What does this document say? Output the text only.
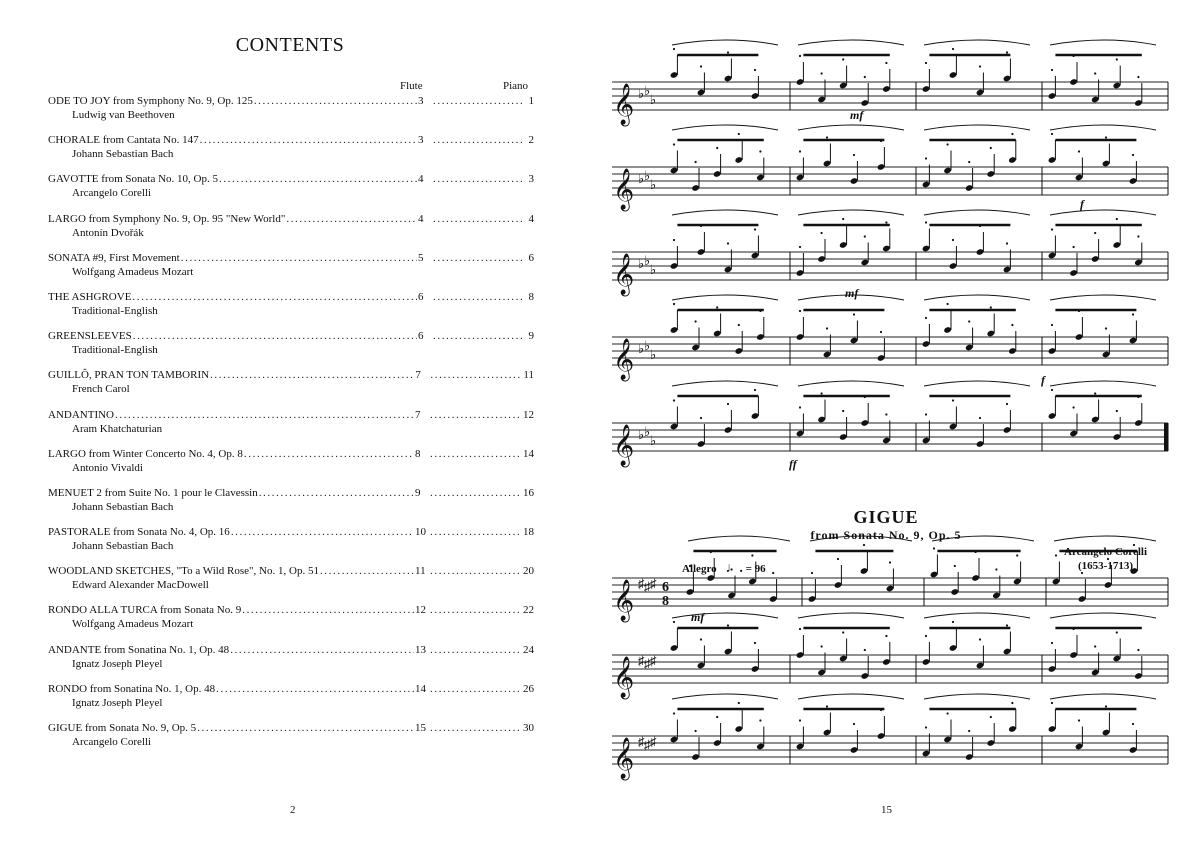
CONTENTS
Flute	Piano
ODE TO JOY from Symphony No. 9, Op. 125 .....	3 .....	1
Ludwig van Beethoven
CHORALE from Cantata No. 147 .....	3 .....	2
Johann Sebastian Bach
GAVOTTE from Sonata No. 10, Op. 5 .....	4 .....	3
Arcangelo Corelli
LARGO from Symphony No. 9, Op. 95 "New World" .....	4 .....	4
Antonín Dvořák
SONATA #9, First Movement .....	5 .....	6
Wolfgang Amadeus Mozart
THE ASHGROVE .....	6 .....	8
Traditional-English
GREENSLEEVES .....	6 .....	9
Traditional-English
GUILLÔ, PRAN TON TAMBORIN .....	7 .....	11
French Carol
ANDANTINO .....	7 .....	12
Aram Khatchaturian
LARGO from Winter Concerto No. 4, Op. 8 .....	8 .....	14
Antonio Vivaldi
MENUET 2 from Suite No. 1 pour le Clavessin .....	9 .....	16
Johann Sebastian Bach
PASTORALE from Sonata No. 4, Op. 16 .....	10 .....	18
Johann Sebastian Bach
WOODLAND SKETCHES, "To a Wild Rose", No. 1, Op. 51 .....	11 .....	20
Edward Alexander MacDowell
RONDO ALLA TURCA from Sonata No. 9 .....	12 .....	22
Wolfgang Amadeus Mozart
ANDANTE from Sonatina No. 1, Op. 48 .....	13 .....	24
Ignatz Joseph Pleyel
RONDO from Sonatina No. 1, Op. 48 .....	14 .....	26
Ignatz Joseph Pleyel
GIGUE from Sonata No. 9, Op. 5 .....	15 .....	30
Arcangelo Corelli
2
𝄞 ♭ ♭
♭
𝄞 ♭ ♭
♭
𝄞 ♭ ♭
♭
𝄞 ♭ ♭
♭
𝄞 ♭ ♭
♭
𝄞 ♯ ♯ ♯ 6
8
𝄞 ♯ ♯ ♯
𝄞 ♯ ♯ ♯
mf
f
mf
f
ff
mf
GIGUE
from Sonata No. 9, Op. 5
Arcangelo Corelli
(1653-1713)
Allegro ♩. = 96
15
